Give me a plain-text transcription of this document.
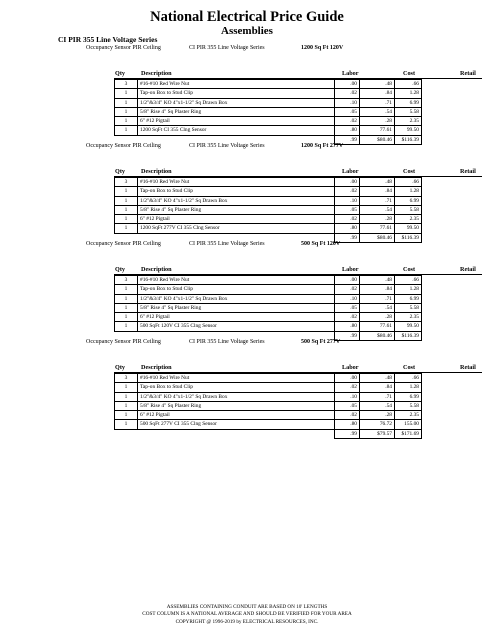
National Electrical Price Guide
Assemblies
CI PIR 355 Line Voltage Series
Occupancy Sensor PIR Ceiling	CI PIR 355 Line Voltage Series	1200 Sq Ft 120V
Qty	Description	Labor	Cost	Retail
3	#16-#10 Red Wire Nut	.00	.48	.66
1	Tap-on Box to Stud Clip	.02	.84	1.28
1	1/2"&3/4" KO 4"x1-1/2" Sq Drawn Box	.10	.71	6.99
1	5/8" Rise 4" Sq Plaster Ring	.05	.54	5.58
1	6" #12 Pigtail	.02	.28	2.35
1	1200 SqFt CI 355 Clng Sensor	.80	77.61	99.50
		.99	$80.46	$116.39
Occupancy Sensor PIR Ceiling	CI PIR 355 Line Voltage Series	1200 Sq Ft 277V
Qty	Description	Labor	Cost	Retail
3	#16-#10 Red Wire Nut	.00	.48	.66
1	Tap-on Box to Stud Clip	.02	.84	1.28
1	1/2"&3/4" KO 4"x1-1/2" Sq Drawn Box	.10	.71	6.99
1	5/8" Rise 4" Sq Plaster Ring	.05	.54	5.58
1	6" #12 Pigtail	.02	.28	2.35
1	1200 SqFt 277V CI 355 Clng Sensor	.80	77.61	99.50
		.99	$80.46	$116.39
Occupancy Sensor PIR Ceiling	CI PIR 355 Line Voltage Series	500 Sq Ft 120V
Qty	Description	Labor	Cost	Retail
3	#16-#10 Red Wire Nut	.00	.48	.66
1	Tap-on Box to Stud Clip	.02	.84	1.28
1	1/2"&3/4" KO 4"x1-1/2" Sq Drawn Box	.10	.71	6.99
1	5/8" Rise 4" Sq Plaster Ring	.05	.54	5.58
1	6" #12 Pigtail	.02	.28	2.35
1	500 SqFt 120V CI 355 Clng Sensor	.80	77.61	99.50
		.99	$80.46	$116.39
Occupancy Sensor PIR Ceiling	CI PIR 355 Line Voltage Series	500 Sq Ft 277V
Qty	Description	Labor	Cost	Retail
3	#16-#10 Red Wire Nut	.00	.48	.66
1	Tap-on Box to Stud Clip	.02	.84	1.28
1	1/2"&3/4" KO 4"x1-1/2" Sq Drawn Box	.10	.71	6.99
1	5/8" Rise 4" Sq Plaster Ring	.05	.54	5.58
1	6" #12 Pigtail	.02	.28	2.35
1	500 SqFt 277V CI 355 Clng Sensor	.80	76.72	155.00
		.99	$79.57	$171.69
ASSEMBLIES CONTAINING CONDUIT ARE BASED ON 10' LENGTHS
COST COLUMN IS A NATIONAL AVERAGE AND SHOULD BE VERIFIED FOR YOUR AREA
COPYRIGHT @ 1996-2019 by ELECTRICAL RESOURCES, INC.
